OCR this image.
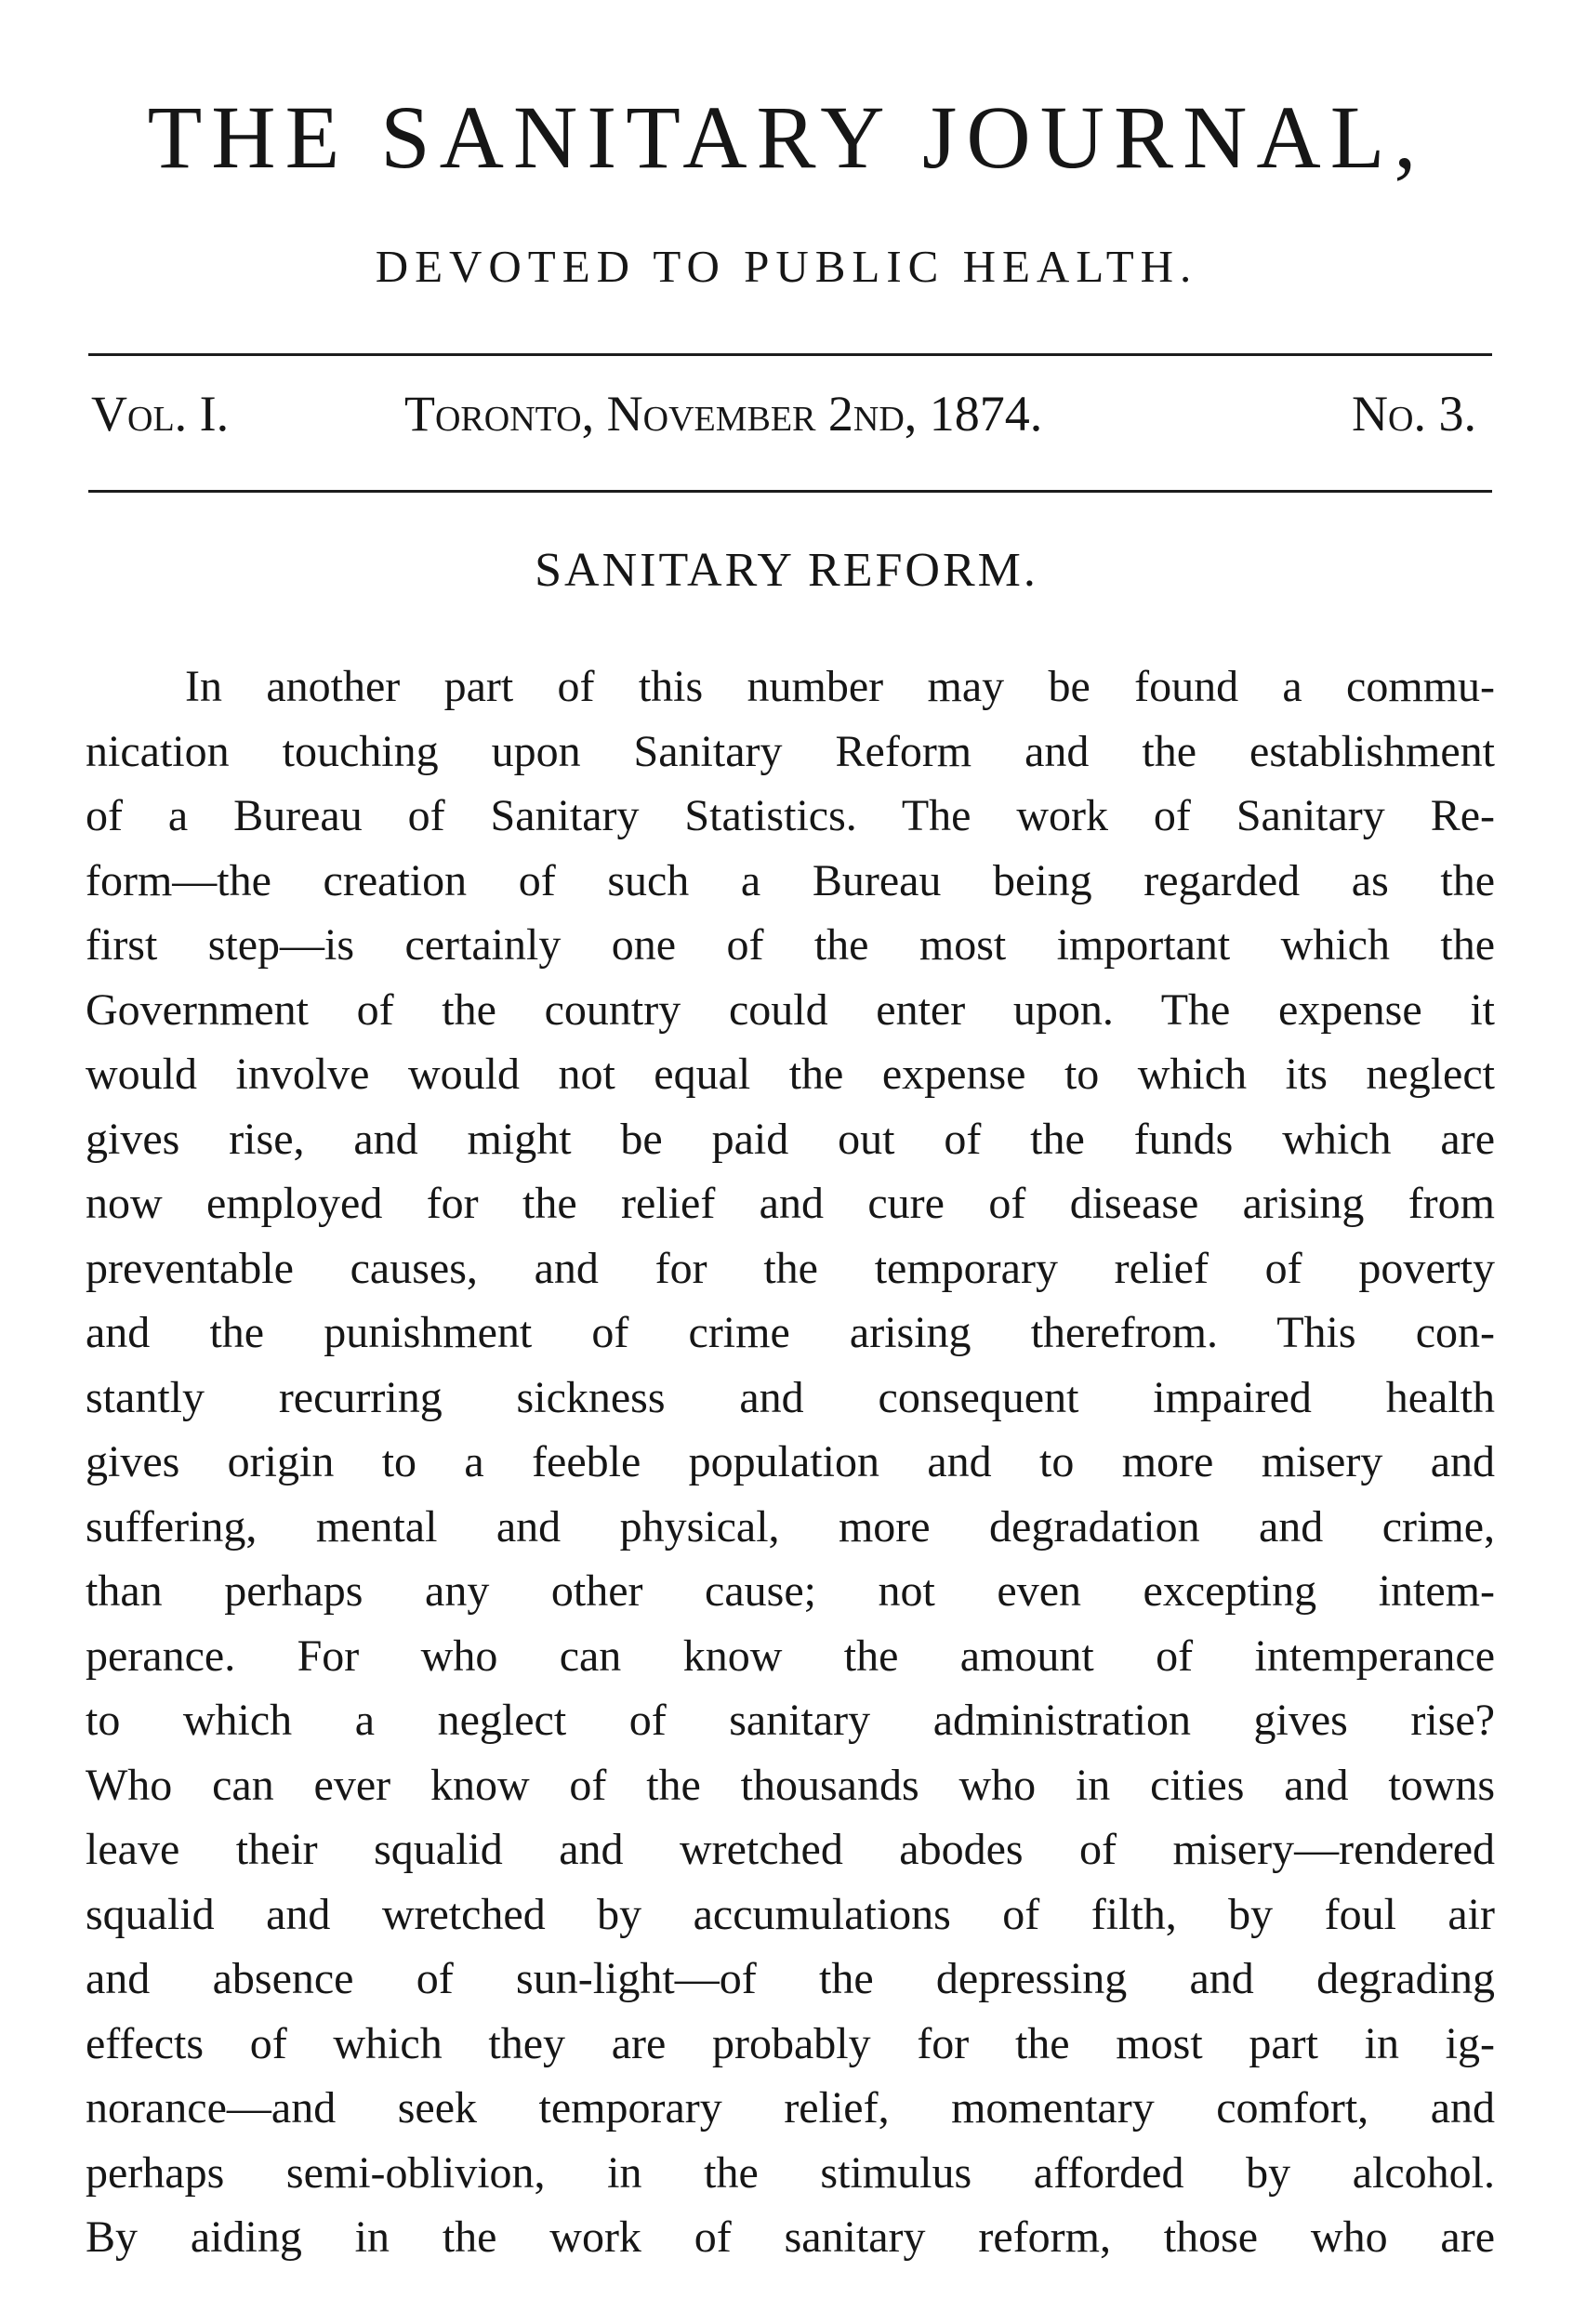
THE SANITARY JOURNAL,
DEVOTED TO PUBLIC HEALTH.
Vol. I.	Toronto, November 2nd, 1874.	No. 3.
SANITARY REFORM.
In another part of this number may be found a commu-
nication touching upon Sanitary Reform and the establishment
of a Bureau of Sanitary Statistics. The work of Sanitary Re-
form—the creation of such a Bureau being regarded as the
first step—is certainly one of the most important which the
Government of the country could enter upon. The expense it
would involve would not equal the expense to which its neglect
gives rise, and might be paid out of the funds which are
now employed for the relief and cure of disease arising from
preventable causes, and for the temporary relief of poverty
and the punishment of crime arising therefrom. This con-
stantly recurring sickness and consequent impaired health
gives origin to a feeble population and to more misery and
suffering, mental and physical, more degradation and crime,
than perhaps any other cause; not even excepting intem-
perance. For who can know the amount of intemperance
to which a neglect of sanitary administration gives rise?
Who can ever know of the thousands who in cities and towns
leave their squalid and wretched abodes of misery—rendered
squalid and wretched by accumulations of filth, by foul air
and absence of sun-light—of the depressing and degrading
effects of which they are probably for the most part in ig-
norance—and seek temporary relief, momentary comfort, and
perhaps semi-oblivion, in the stimulus afforded by alcohol.
By aiding in the work of sanitary reform, those who are
